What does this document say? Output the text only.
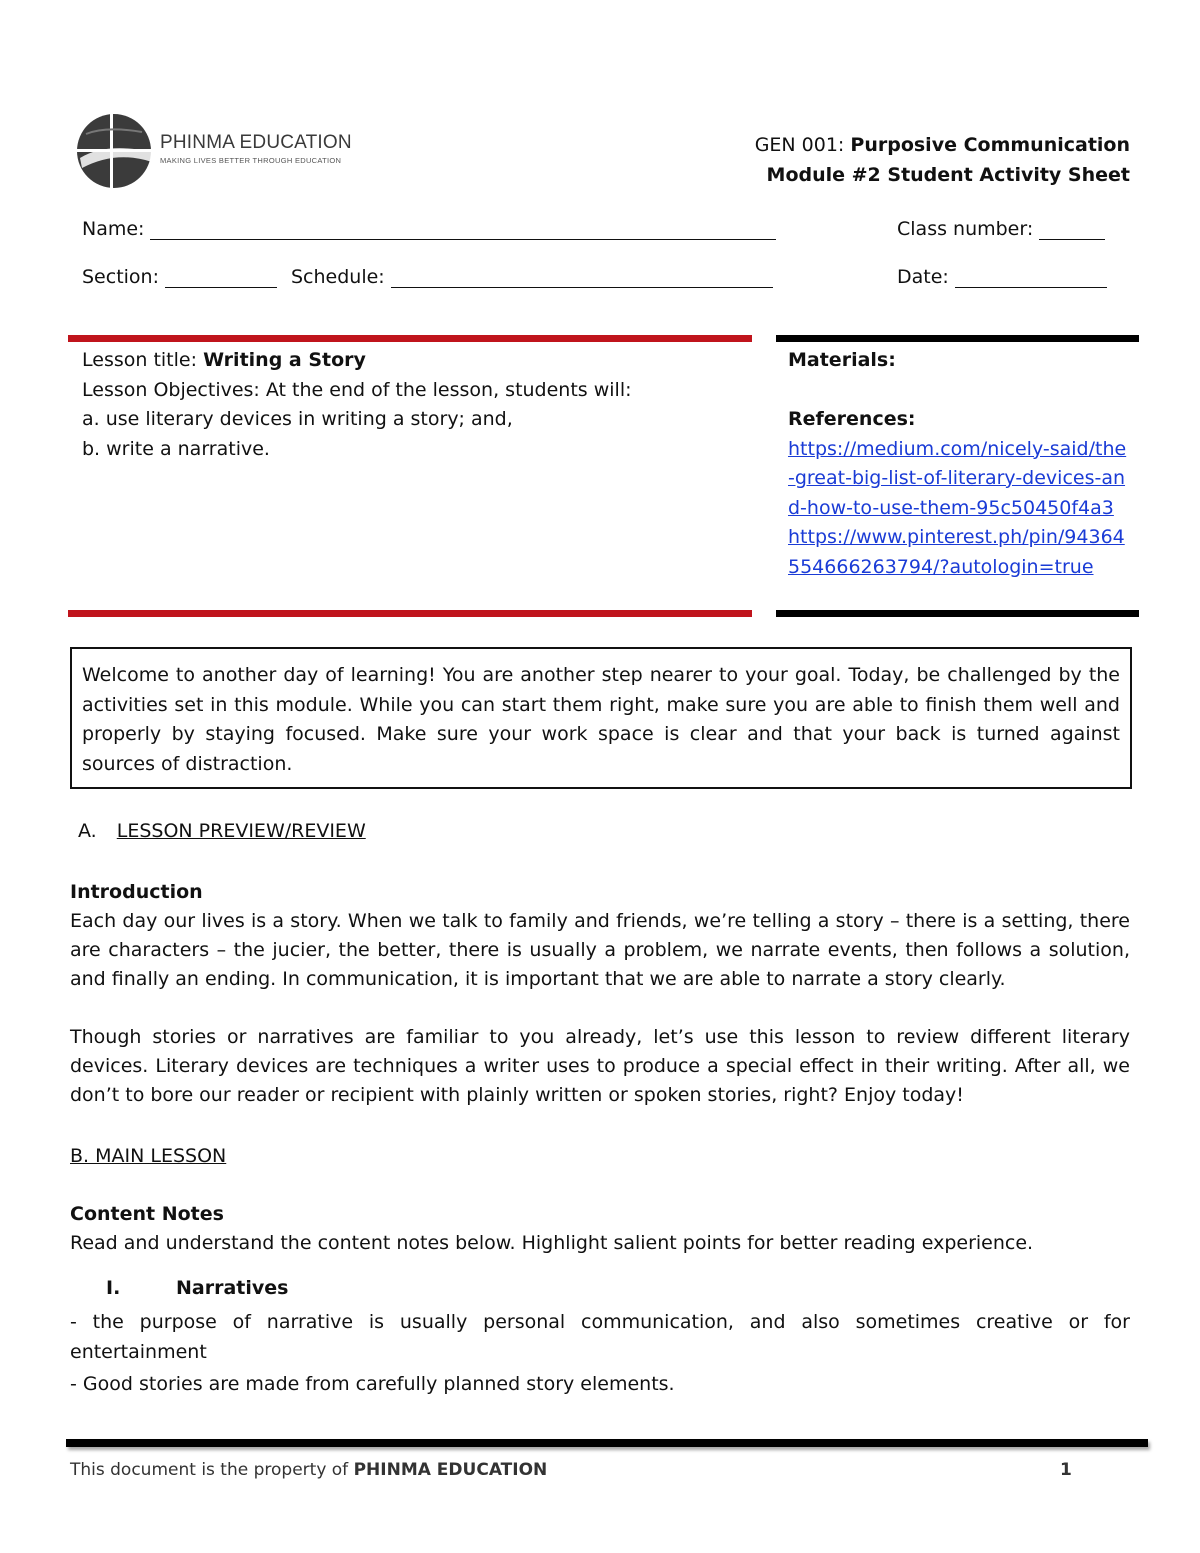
PHINMA EDUCATION
MAKING LIVES BETTER THROUGH EDUCATION
GEN 001: Purposive Communication
Module #2 Student Activity Sheet
Name:	Class number:
Section:	Schedule:	Date:
Lesson title: Writing a Story
Lesson Objectives: At the end of the lesson, students will:
a. use literary devices in writing a story; and,
b. write a narrative.
Materials:
References:
https://medium.com/nicely-said/the-great-big-list-of-literary-devices-and-how-to-use-them-95c50450f4a3
https://www.pinterest.ph/pin/94364554666263794/?autologin=true
Welcome to another day of learning! You are another step nearer to your goal. Today, be challenged by the activities set in this module. While you can start them right, make sure you are able to finish them well and properly by staying focused. Make sure your work space is clear and that your back is turned against sources of distraction.
A. LESSON PREVIEW/REVIEW
Introduction
Each day our lives is a story. When we talk to family and friends, we’re telling a story – there is a setting, there are characters – the jucier, the better, there is usually a problem, we narrate events, then follows a solution, and finally an ending. In communication, it is important that we are able to narrate a story clearly.
Though stories or narratives are familiar to you already, let’s use this lesson to review different literary devices. Literary devices are techniques a writer uses to produce a special effect in their writing. After all, we don’t to bore our reader or recipient with plainly written or spoken stories, right? Enjoy today!
B. MAIN LESSON
Content Notes
Read and understand the content notes below. Highlight salient points for better reading experience.
I.	Narratives
- the purpose of narrative is usually personal communication, and also sometimes creative or for entertainment
- Good stories are made from carefully planned story elements.
This document is the property of PHINMA EDUCATION	1
